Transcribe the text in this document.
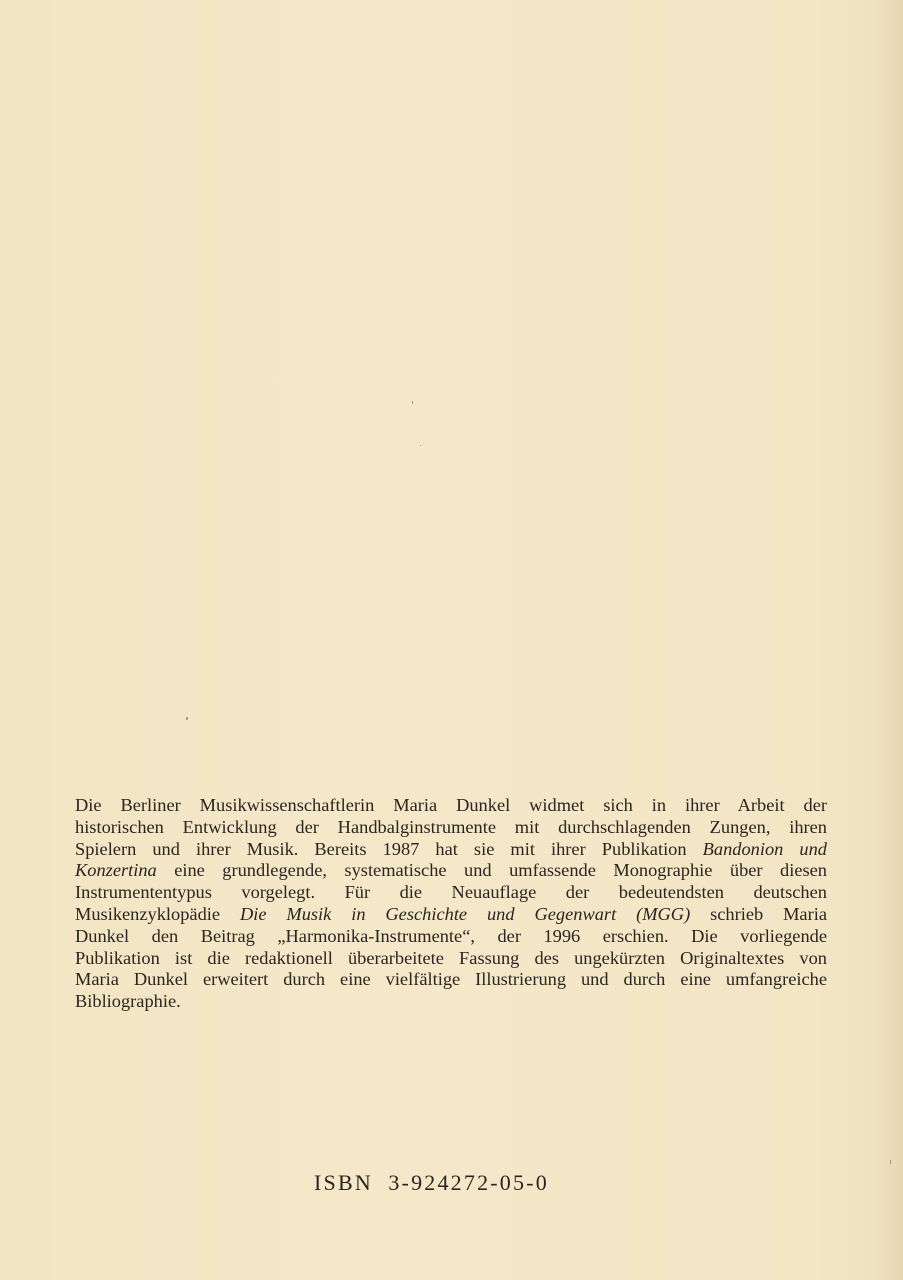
Die Berliner Musikwissenschaftlerin Maria Dunkel widmet sich in ihrer Arbeit der
historischen Entwicklung der Handbalginstrumente mit durchschlagenden Zungen, ihren
Spielern und ihrer Musik. Bereits 1987 hat sie mit ihrer Publikation Bandonion und
Konzertina eine grundlegende, systematische und umfassende Monographie über diesen
Instrumententypus vorgelegt. Für die Neuauflage der bedeutendsten deutschen
Musikenzyklopädie Die Musik in Geschichte und Gegenwart (MGG) schrieb Maria
Dunkel den Beitrag „Harmonika-Instrumente“, der 1996 erschien. Die vorliegende
Publikation ist die redaktionell überarbeitete Fassung des ungekürzten Originaltextes von
Maria Dunkel erweitert durch eine vielfältige Illustrierung und durch eine umfangreiche
Bibliographie.

ISBN 3-924272-05-0
